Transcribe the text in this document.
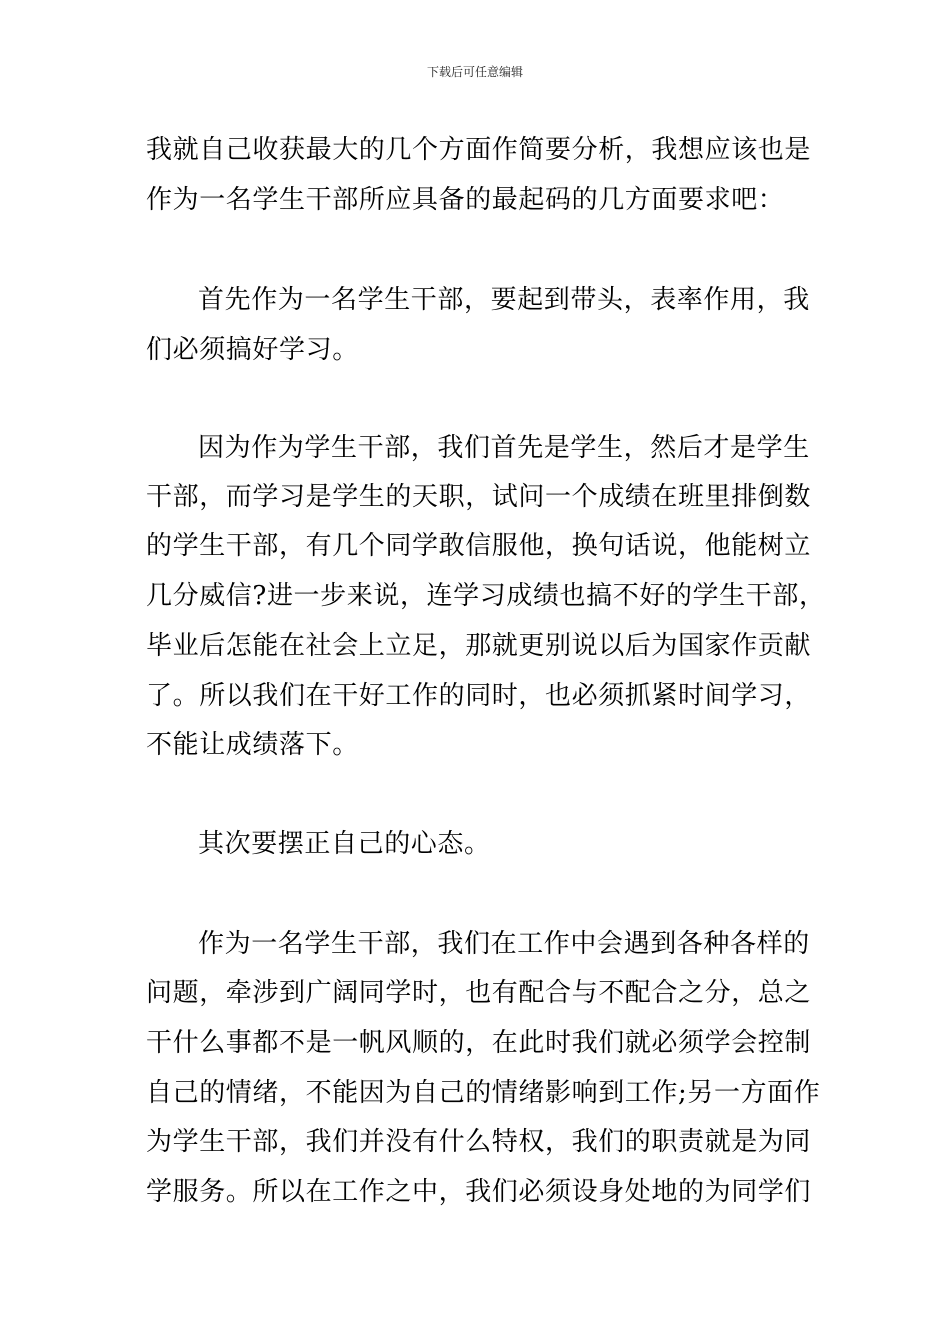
下载后可任意编辑
我就自己收获最大的几个方面作简要分析，我想应该也是
作为一名学生干部所应具备的最起码的几方面要求吧：
首先作为一名学生干部，要起到带头，表率作用，我
们必须搞好学习。
因为作为学生干部，我们首先是学生，然后才是学生
干部，而学习是学生的天职，试问一个成绩在班里排倒数
的学生干部，有几个同学敢信服他，换句话说，他能树立
几分威信?进一步来说，连学习成绩也搞不好的学生干部，
毕业后怎能在社会上立足，那就更别说以后为国家作贡献
了。所以我们在干好工作的同时，也必须抓紧时间学习，
不能让成绩落下。
其次要摆正自己的心态。
作为一名学生干部，我们在工作中会遇到各种各样的
问题，牵涉到广阔同学时，也有配合与不配合之分，总之
干什么事都不是一帆风顺的，在此时我们就必须学会控制
自己的情绪，不能因为自己的情绪影响到工作;另一方面作
为学生干部，我们并没有什么特权，我们的职责就是为同
学服务。所以在工作之中，我们必须设身处地的为同学们
